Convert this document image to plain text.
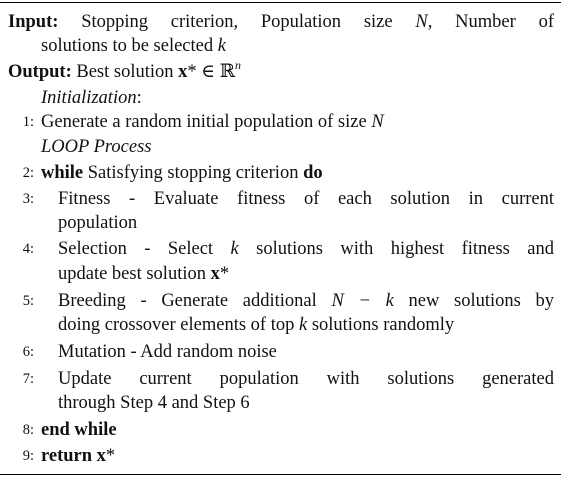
Input: Stopping criterion, Population size N, Number of
solutions to be selected k
Output: Best solution x* ∈ ℝ$^n$
Initialization:
1: Generate a random initial population of size N
LOOP Process
2: while Satisfying stopping criterion do
3: Fitness - Evaluate fitness of each solution in current
population
4: Selection - Select k solutions with highest fitness and
update best solution x*
5: Breeding - Generate additional N − k new solutions by
doing crossover elements of top k solutions randomly
6: Mutation - Add random noise
7: Update current population with solutions generated
through Step 4 and Step 6
8: end while
9: return x*
